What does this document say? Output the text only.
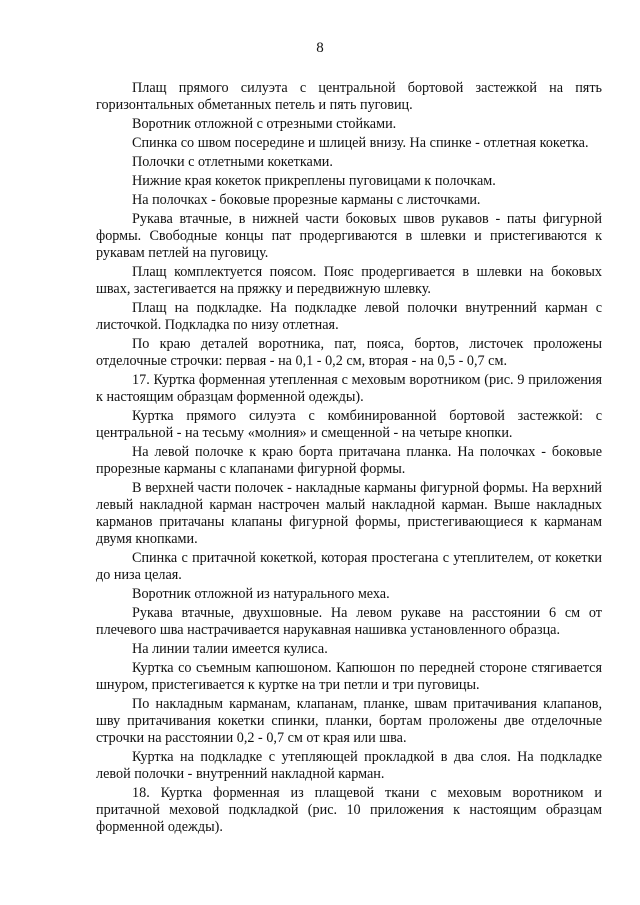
8

Плащ прямого силуэта с центральной бортовой застежкой на пять горизонтальных обметанных петель и пять пуговиц.

Воротник отложной с отрезными стойками.

Спинка со швом посередине и шлицей внизу. На спинке - отлетная кокетка.

Полочки с отлетными кокетками.

Нижние края кокеток прикреплены пуговицами к полочкам.

На полочках - боковые прорезные карманы с листочками.

Рукава втачные, в нижней части боковых швов рукавов - паты фигурной формы. Свободные концы пат продергиваются в шлевки и пристегиваются к рукавам петлей на пуговицу.

Плащ комплектуется поясом. Пояс продергивается в шлевки на боковых швах, застегивается на пряжку и передвижную шлевку.

Плащ на подкладке. На подкладке левой полочки внутренний карман с листочкой. Подкладка по низу отлетная.

По краю деталей воротника, пат, пояса, бортов, листочек проложены отделочные строчки: первая - на 0,1 - 0,2 см, вторая - на 0,5 - 0,7 см.

17. Куртка форменная утепленная с меховым воротником (рис. 9 приложения к настоящим образцам форменной одежды).

Куртка прямого силуэта с комбинированной бортовой застежкой: с центральной - на тесьму «молния» и смещенной - на четыре кнопки.

На левой полочке к краю борта притачана планка. На полочках - боковые прорезные карманы с клапанами фигурной формы.

В верхней части полочек - накладные карманы фигурной формы. На верхний левый накладной карман настрочен малый накладной карман. Выше накладных карманов притачаны клапаны фигурной формы, пристегивающиеся к карманам двумя кнопками.

Спинка с притачной кокеткой, которая простегана с утеплителем, от кокетки до низа целая.

Воротник отложной из натурального меха.

Рукава втачные, двухшовные. На левом рукаве на расстоянии 6 см от плечевого шва настрачивается нарукавная нашивка установленного образца.

На линии талии имеется кулиса.

Куртка со съемным капюшоном. Капюшон по передней стороне стягивается шнуром, пристегивается к куртке на три петли и три пуговицы.

По накладным карманам, клапанам, планке, швам притачивания клапанов, шву притачивания кокетки спинки, планки, бортам проложены две отделочные строчки на расстоянии 0,2 - 0,7 см от края или шва.

Куртка на подкладке с утепляющей прокладкой в два слоя. На подкладке левой полочки - внутренний накладной карман.

18. Куртка форменная из плащевой ткани с меховым воротником и притачной меховой подкладкой (рис. 10 приложения к настоящим образцам форменной одежды).
